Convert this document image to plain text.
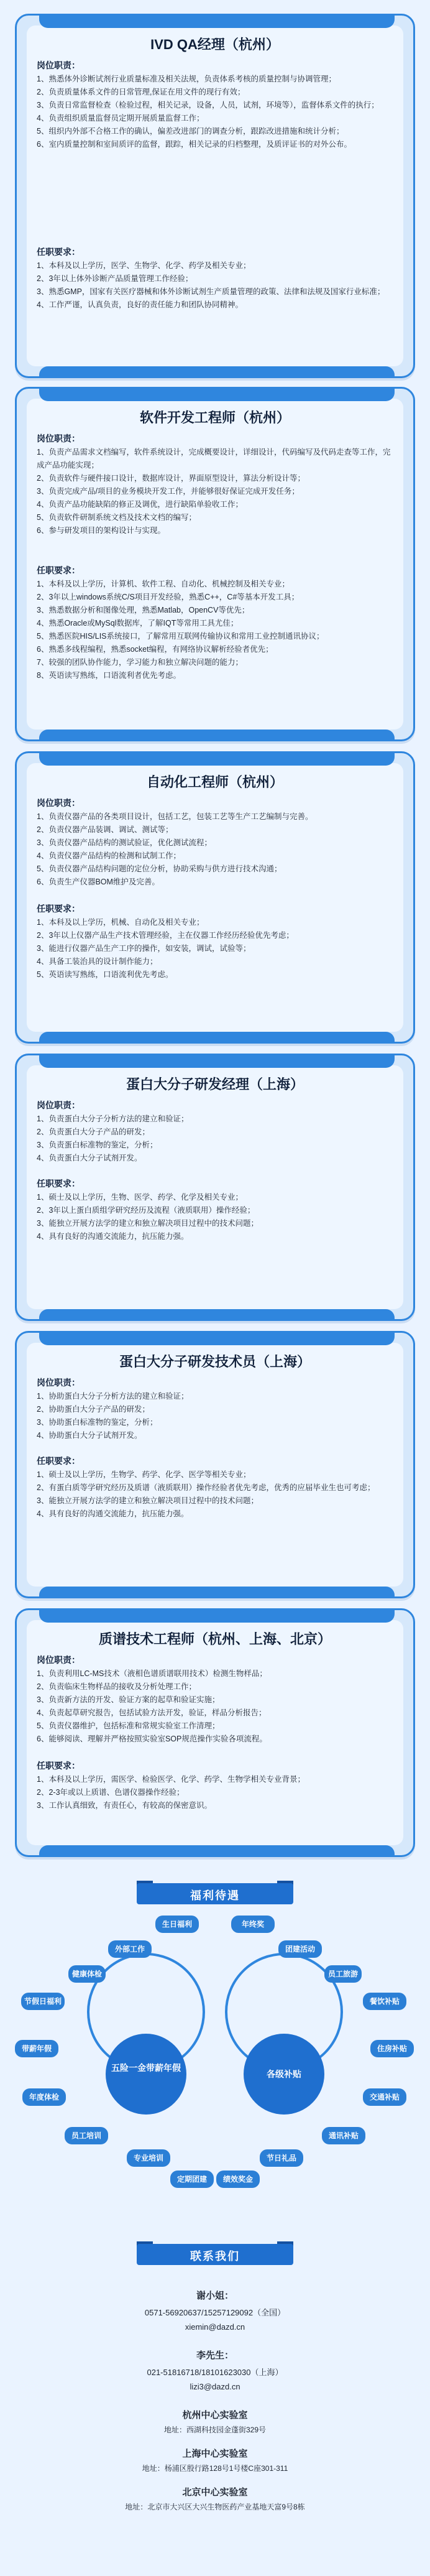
IVD QA经理（杭州）
岗位职责：
1、熟悉体外诊断试剂行业质量标准及相关法规，负责体系考核的质量控制与协调管理；
2、负责质量体系文件的日常管理,保证在用文件的现行有效；
3、负责日常监督检查（检验过程，相关记录，设备，人员，试剂，环境等），监督体系文件的执行；
4、负责组织质量监督员定期开展质量监督工作；
5、组织内外部不合格工作的确认，偏差改进部门的调查分析，跟踪改进措施和统计分析；
6、室内质量控制和室间质评的监督，跟踪，相关记录的归档整理，及质评证书的对外公布。
任职要求：
1、本科及以上学历，医学、生物学、化学、药学及相关专业；
2、3年以上体外诊断产品质量管理工作经验；
3、熟悉GMP，国家有关医疗器械和体外诊断试剂生产质量管理的政策、法律和法规及国家行业标准；
4、工作严谨，认真负责，良好的责任能力和团队协同精神。
软件开发工程师（杭州）
岗位职责：
1、负责产品需求文档编写，软件系统设计，完成概要设计，详细设计，代码编写及代码走查等工作，完成产品功能实现；
2、负责软件与硬件接口设计，数据库设计，界面原型设计，算法分析设计等；
3、负责完成产品/项目的业务模块开发工作，并能够很好保证完成开发任务；
4、负责产品功能缺陷的修正及调优，进行缺陷单验收工作；
5、负责软件研制系统文档及技术文档的编写；
6、参与研发项目的架构设计与实现。
任职要求：
1、本科及以上学历，计算机、软件工程、自动化、机械控制及相关专业；
2、3年以上windows系统C/S项目开发经验，熟悉C++，C#等基本开发工具；
3、熟悉数据分析和图像处理，熟悉Matlab，OpenCV等优先；
4、熟悉Oracle或MySql数据库，了解IQT等常用工具尤佳；
5、熟悉医院HIS/LIS系统接口，了解常用互联网传输协议和常用工业控制通讯协议；
6、熟悉多线程编程，熟悉socket编程，有网络协议解析经验者优先；
7、较强的团队协作能力，学习能力和独立解决问题的能力；
8、英语读写熟练，口语流利者优先考虑。
自动化工程师（杭州）
岗位职责：
1、负责仪器产品的各类项目设计，包括工艺，包装工艺等生产工艺编制与完善。
2、负责仪器产品装调、调试、测试等；
3、负责仪器产品结构的测试验证，优化测试流程；
4、负责仪器产品结构的检测和试制工作；
5、负责仪器产品结构问题的定位分析，协助采购与供方进行技术沟通；
6、负责生产仪器BOM维护及完善。
任职要求：
1、本科及以上学历，机械、自动化及相关专业；
2、3年以上仪器产品生产技术管理经验，主在仪器工作经历经验优先考虑；
3、能进行仪器产品生产工序的操作，如安装，调试，试验等；
4、具备工装治具的设计制作能力；
5、英语读写熟练，口语流利优先考虑。
蛋白大分子研发经理（上海）
岗位职责：
1、负责蛋白大分子分析方法的建立和验证；
2、负责蛋白大分子产品的研发；
3、负责蛋白标准物的鉴定，分析；
4、负责蛋白大分子试剂开发。
任职要求：
1、硕士及以上学历，生物、医学、药学、化学及相关专业；
2、3年以上蛋白质组学研究经历及流程（液质联用）操作经验；
3、能独立开展方法学的建立和独立解决项目过程中的技术问题；
4、具有良好的沟通交流能力，抗压能力强。
蛋白大分子研发技术员（上海）
岗位职责：
1、协助蛋白大分子分析方法的建立和验证；
2、协助蛋白大分子产品的研发；
3、协助蛋白标准物的鉴定，分析；
4、协助蛋白大分子试剂开发。
任职要求：
1、硕士及以上学历，生物学、药学、化学、医学等相关专业；
2、有蛋白质等学研究经历及质谱（液质联用）操作经验者优先考虑，优秀的应届毕业生也可考虑；
3、能独立开展方法学的建立和独立解决项目过程中的技术问题；
4、具有良好的沟通交流能力，抗压能力强。
质谱技术工程师（杭州、上海、北京）
岗位职责：
1、负责利用LC-MS技术（液相色谱质谱联用技术）检测生物样品；
2、负责临床生物样品的接收及分析处理工作；
3、负责新方法的开发、验证方案的起草和验证实施；
4、负责起草研究报告，包括试验方法开发，验证，样品分析报告；
5、负责仪器维护，包括标准和常规实验室工作清理；
6、能够阅读、理解并严格按照实验室SOP规范操作实验各项流程。
任职要求：
1、本科及以上学历，需医学、检验医学、化学、药学、生物学相关专业背景；
2、2-3年或以上质谱、色谱仪器操作经验；
3、工作认真细致，有责任心，有较高的保密意识。
福利待遇
五险一金带薪年假
各级补贴
节假日福利
带薪年假
年度体检
员工培训
外部工作
健康体检
专业培训
定期团建
生日福利
餐饮补贴
住房补贴
交通补贴
通讯补贴
团建活动
员工旅游
节日礼品
绩效奖金
年终奖
联系我们
谢小姐：
0571-56920637/15257129092（全国）
xiemin@dazd.cn
李先生：
021-51816718/18101623030（上海）
lizi3@dazd.cn
杭州中心实验室
地址：西湖科技园金蓬街329号
上海中心实验室
地址：杨浦区殷行路128号1号楼C座301-311
北京中心实验室
地址：北京市大兴区大兴生物医药产业基地天富9号8栋
